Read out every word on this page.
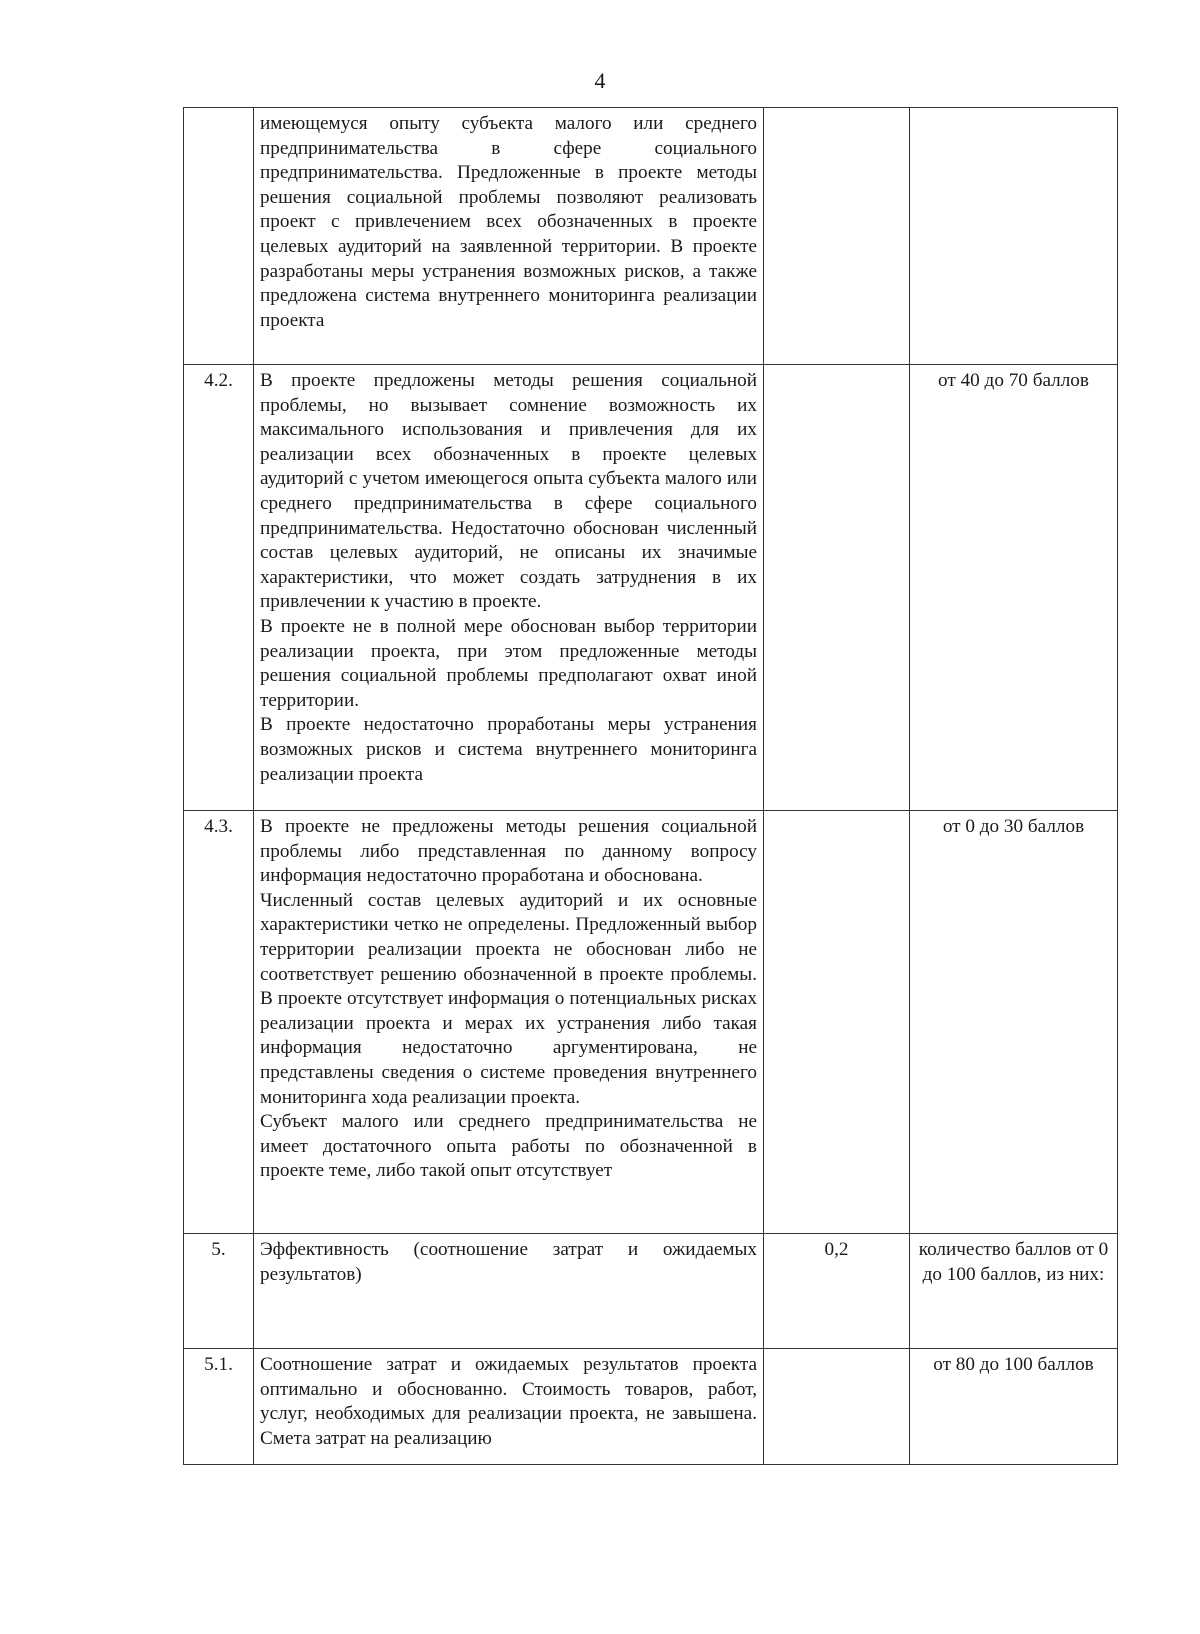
4

	имеющемуся опыту субъекта малого или среднего предпринимательства в сфере социального предпринимательства. Предложенные в проекте методы решения социальной проблемы позволяют реализовать проект с привлечением всех обозначенных в проекте целевых аудиторий на заявленной территории. В проекте разработаны меры устранения возможных рисков, а также предложена система внутреннего мониторинга реализации проекта		

4.2.	В проекте предложены методы решения социальной проблемы, но вызывает сомнение возможность их максимального использования и привлечения для их реализации всех обозначенных в проекте целевых аудиторий с учетом имеющегося опыта субъекта малого или среднего предпринимательства в сфере социального предпринимательства. Недостаточно обоснован численный состав целевых аудиторий, не описаны их значимые характеристики, что может создать затруднения в их привлечении к участию в проекте.
В проекте не в полной мере обоснован выбор территории реализации проекта, при этом предложенные методы решения социальной проблемы предполагают охват иной территории.
В проекте недостаточно проработаны меры устранения возможных рисков и система внутреннего мониторинга реализации проекта		от 40 до 70 баллов
4.3.	В проекте не предложены методы решения социальной проблемы либо представленная по данному вопросу информация недостаточно проработана и обоснована.
Численный состав целевых аудиторий и их основные характеристики четко не определены. Предложенный выбор территории реализации проекта не обоснован либо не соответствует решению обозначенной в проекте проблемы. В проекте отсутствует информация о потенциальных рисках реализации проекта и мерах их устранения либо такая информация недостаточно аргументирована, не представлены сведения о системе проведения внутреннего мониторинга хода реализации проекта.
Субъект малого или среднего предпринимательства не имеет достаточного опыта работы по обозначенной в проекте теме, либо такой опыт отсутствует		от 0 до 30 баллов
5.	Эффективность (соотношение затрат и ожидаемых результатов)	0,2	количество баллов от 0 до 100 баллов, из них:
5.1.	Соотношение затрат и ожидаемых результатов проекта оптимально и обоснованно. Стоимость товаров, работ, услуг, необходимых для реализации проекта, не завышена. Смета затрат на реализацию		от 80 до 100 баллов
